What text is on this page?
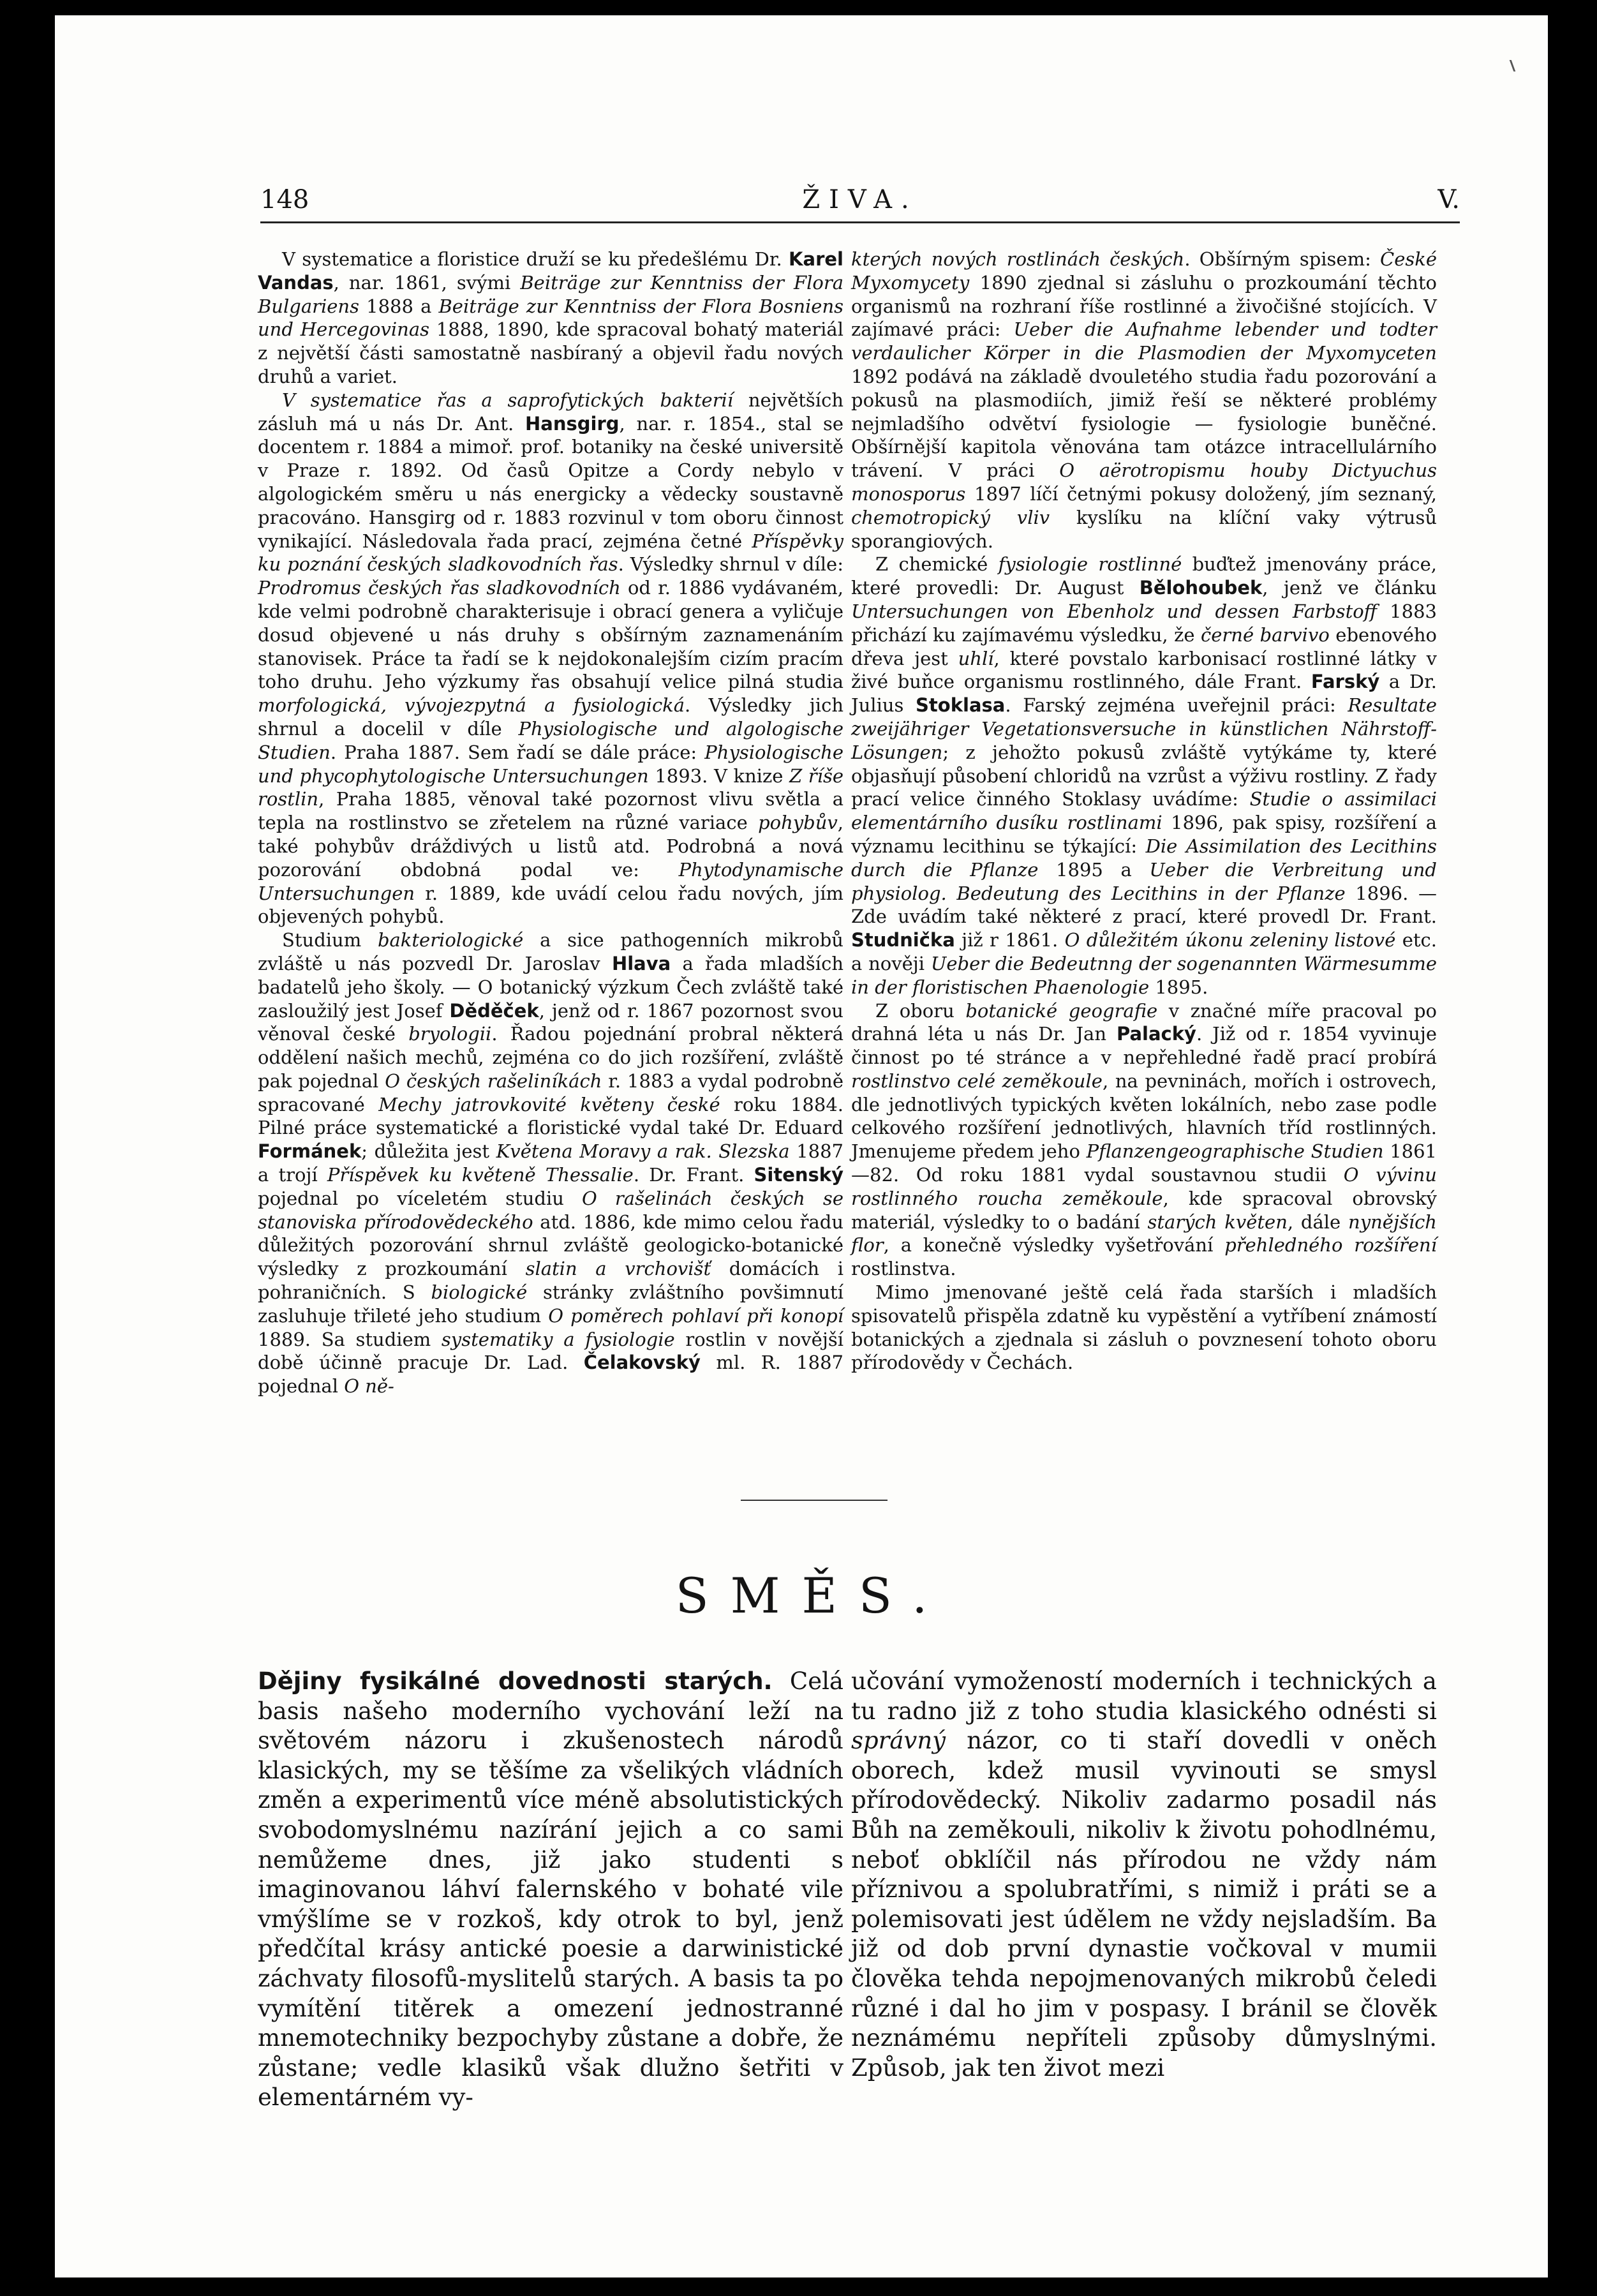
148	ŽIVA.	V.

V systematice a floristice druží se ku předešlému Dr. Karel Vandas, nar. 1861, svými Beiträge zur Kenntniss der Flora Bulgariens 1888 a Beiträge zur Kenntniss der Flora Bosniens und Hercegovinas 1888, 1890, kde spracoval bohatý materiál z největší části samostatně nasbíraný a objevil řadu nových druhů a variet.

V systematice řas a saprofytických bakterií největších zásluh má u nás Dr. Ant. Hansgirg, nar. r. 1854., stal se docentem r. 1884 a mimoř. prof. botaniky na české universitě v Praze r. 1892. Od časů Opitze a Cordy nebylo v algologickém směru u nás energicky a vědecky soustavně pracováno. Hansgirg od r. 1883 rozvinul v tom oboru činnost vynikající. Následovala řada prací, zejména četné Příspěvky ku poznání českých sladkovodních řas. Výsledky shrnul v díle: Prodromus českých řas sladkovodních od r. 1886 vydávaném, kde velmi podrobně charakterisuje i obrací genera a vyličuje dosud objevené u nás druhy s obšírným zaznamenáním stanovisek. Práce ta řadí se k nejdokonalejším cizím pracím toho druhu. Jeho výzkumy řas obsahují velice pilná studia morfologická, vývojezpytná a fysiologická. Výsledky jich shrnul a docelil v díle Physiologische und algologische Studien. Praha 1887. Sem řadí se dále práce: Physiologische und phycophytologische Untersuchungen 1893. V knize Z říše rostlin, Praha 1885, věnoval také pozornost vlivu světla a tepla na rostlinstvo se zřetelem na různé variace pohybův, také pohybův dráždivých u listů atd. Podrobná a nová pozorování obdobná podal ve: Phytodynamische Untersuchungen r. 1889, kde uvádí celou řadu nových, jím objevených pohybů.

Studium bakteriologické a sice pathogenních mikrobů zvláště u nás pozvedl Dr. Jaroslav Hlava a řada mladších badatelů jeho školy. — O botanický výzkum Čech zvláště také zasloužilý jest Josef Děděček, jenž od r. 1867 pozornost svou věnoval české bryologii. Řadou pojednání probral některá oddělení našich mechů, zejména co do jich rozšíření, zvláště pak pojednal O českých rašeliníkách r. 1883 a vydal podrobně spracované Mechy jatrovkovité květeny české roku 1884. Pilné práce systematické a floristické vydal také Dr. Eduard Formánek; důležita jest Květena Moravy a rak. Slezska 1887 a trojí Příspěvek ku květeně Thessalie. Dr. Frant. Sitenský pojednal po víceletém studiu O rašelinách českých se stanoviska přírodovědeckého atd. 1886, kde mimo celou řadu důležitých pozorování shrnul zvláště geologicko-botanické výsledky z prozkoumání slatin a vrchovišť domácích i pohraničních. S biologické stránky zvláštního povšimnutí zasluhuje třileté jeho studium O poměrech pohlaví při konopí 1889. Sa studiem systematiky a fysiologie rostlin v novější době účinně pracuje Dr. Lad. Čelakovský ml. R. 1887 pojednal O ně-

kterých nových rostlinách českých. Obšírným spisem: České Myxomycety 1890 zjednal si zásluhu o prozkoumání těchto organismů na rozhraní říše rostlinné a živočišné stojících. V zajímavé práci: Ueber die Aufnahme lebender und todter verdaulicher Körper in die Plasmodien der Myxomyceten 1892 podává na základě dvouletého studia řadu pozorování a pokusů na plasmodiích, jimiž řeší se některé problémy nejmladšího odvětví fysiologie — fysiologie buněčné. Obšírnější kapitola věnována tam otázce intracellulárního trávení. V práci O aërotropismu houby Dictyuchus monosporus 1897 líčí četnými pokusy doložený, jím seznaný, chemotropický vliv kyslíku na klíční vaky výtrusů sporangiových.

Z chemické fysiologie rostlinné buďtež jmenovány práce, které provedli: Dr. August Bělohoubek, jenž ve článku Untersuchungen von Ebenholz und dessen Farbstoff 1883 přichází ku zajímavému výsledku, že černé barvivo ebenového dřeva jest uhlí, které povstalo karbonisací rostlinné látky v živé buňce organismu rostlinného, dále Frant. Farský a Dr. Julius Stoklasa. Farský zejména uveřejnil práci: Resultate zweijähriger Vegetationsversuche in künstlichen Nährstoff-Lösungen; z jehožto pokusů zvláště vytýkáme ty, které objasňují působení chloridů na vzrůst a výživu rostliny. Z řady prací velice činného Stoklasy uvádíme: Studie o assimilaci elementárního dusíku rostlinami 1896, pak spisy, rozšíření a významu lecithinu se týkající: Die Assimilation des Lecithins durch die Pflanze 1895 a Ueber die Verbreitung und physiolog. Bedeutung des Lecithins in der Pflanze 1896. — Zde uvádím také některé z prací, které provedl Dr. Frant. Studnička již r 1861. O důležitém úkonu zeleniny listové etc. a nověji Ueber die Bedeutnng der sogenannten Wärmesumme in der floristischen Phaenologie 1895.

Z oboru botanické geografie v značné míře pracoval po drahná léta u nás Dr. Jan Palacký. Již od r. 1854 vyvinuje činnost po té stránce a v nepřehledné řadě prací probírá rostlinstvo celé zeměkoule, na pevninách, mořích i ostrovech, dle jednotlivých typických květen lokálních, nebo zase podle celkového rozšíření jednotlivých, hlavních tříd rostlinných. Jmenujeme předem jeho Pflanzengeographische Studien 1861—82. Od roku 1881 vydal soustavnou studii O vývinu rostlinného roucha zeměkoule, kde spracoval obrovský materiál, výsledky to o badání starých květen, dále nynějších flor, a konečně výsledky vyšetřování přehledného rozšíření rostlinstva.

Mimo jmenované ještě celá řada starších i mladších spisovatelů přispěla zdatně ku vypěstění a vytříbení známostí botanických a zjednala si zásluh o povznesení tohoto oboru přírodovědy v Čechách.

SMĚS.

Dějiny fysikálné dovednosti starých. Celá basis našeho moderního vychování leží na světovém názoru i zkušenostech národů klasických, my se těšíme za všelikých vládních změn a experimentů více méně absolutistických svobodomyslnému nazírání jejich a co sami nemůžeme dnes, již jako studenti s imaginovanou láhví falernského v bohaté vile vmýšlíme se v rozkoš, kdy otrok to byl, jenž předčítal krásy antické poesie a darwinistické záchvaty filosofů-myslitelů starých. A basis ta po vymítění titěrek a omezení jednostranné mnemotechniky bezpochyby zůstane a dobře, že zůstane; vedle klasiků však dlužno šetřiti v elementárném vy-

učování vymožeností moderních i technických a tu radno již z toho studia klasického odnésti si správný názor, co ti staří dovedli v oněch oborech, kdež musil vyvinouti se smysl přírodovědecký. Nikoliv zadarmo posadil nás Bůh na zeměkouli, nikoliv k životu pohodlnému, neboť obklíčil nás přírodou ne vždy nám příznivou a spolubratřími, s nimiž i práti se a polemisovati jest údělem ne vždy nejsladším. Ba již od dob první dynastie vočkoval v mumii člověka tehda nepojmenovaných mikrobů čeledi různé i dal ho jim v pospasy. I bránil se člověk neznámému nepříteli způsoby důmyslnými. Způsob, jak ten život mezi
